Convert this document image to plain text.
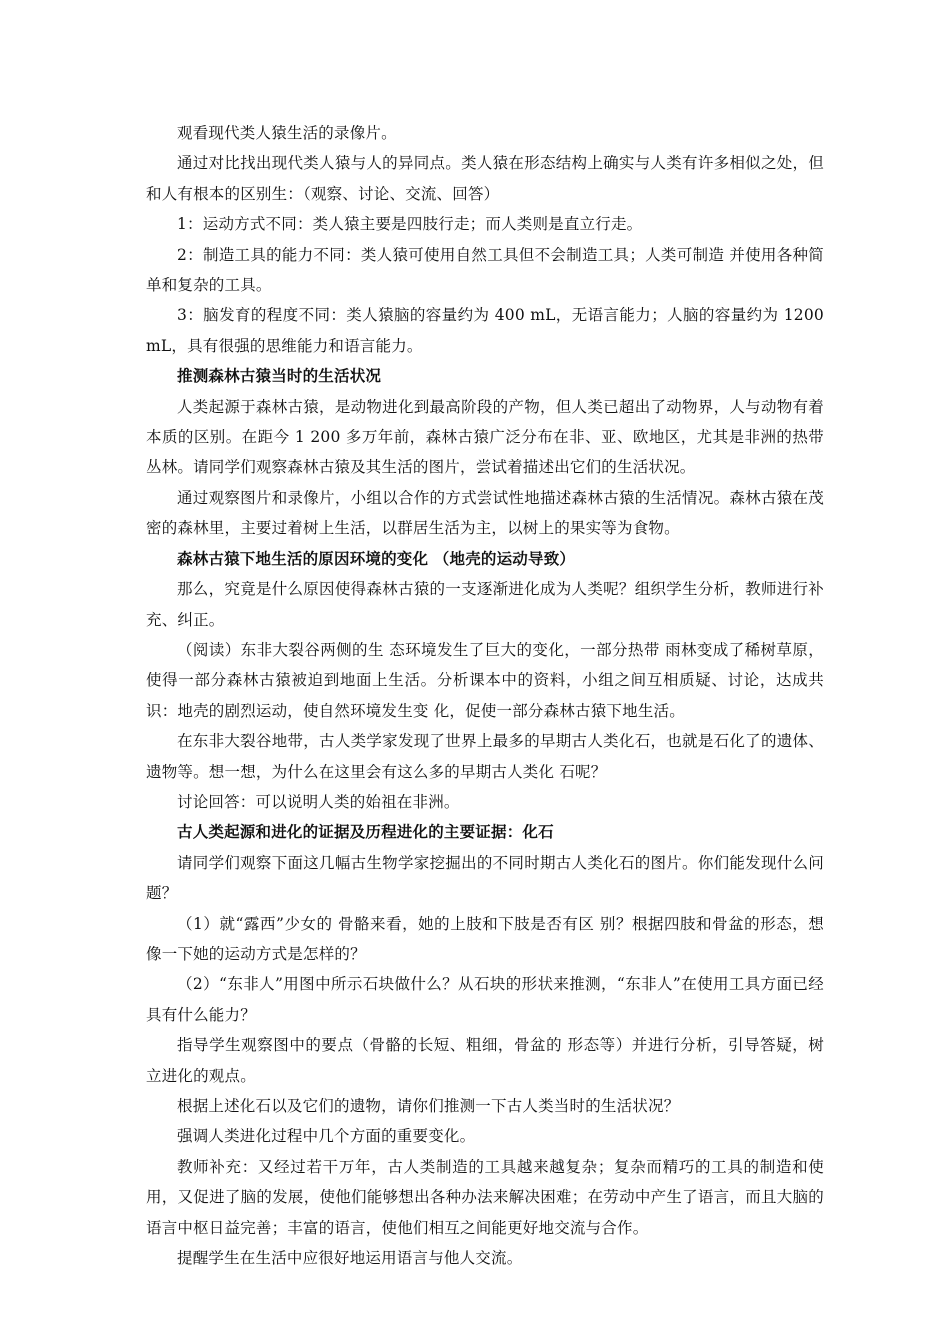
观看现代类人猿生活的录像片。

通过对比找出现代类人猿与人的异同点。类人猿在形态结构上确实与人类有许多相似之处，但和人有根本的区别生：（观察、讨论、交流、回答）

1：运动方式不同：类人猿主要是四肢行走；而人类则是直立行走。

2：制造工具的能力不同：类人猿可使用自然工具但不会制造工具；人类可制造 并使用各种简单和复杂的工具。

3：脑发育的程度不同：类人猿脑的容量约为 400 mL，无语言能力；人脑的容量约为 1200 mL，具有很强的思维能力和语言能力。

推测森林古猿当时的生活状况

人类起源于森林古猿，是动物进化到最高阶段的产物，但人类已超出了动物界，人与动物有着本质的区别。在距今 1 200 多万年前，森林古猿广泛分布在非、亚、欧地区，尤其是非洲的热带丛林。请同学们观察森林古猿及其生活的图片，尝试着描述出它们的生活状况。

通过观察图片和录像片，小组以合作的方式尝试性地描述森林古猿的生活情况。森林古猿在茂密的森林里，主要过着树上生活，以群居生活为主，以树上的果实等为食物。

森林古猿下地生活的原因环境的变化 （地壳的运动导致）

那么，究竟是什么原因使得森林古猿的一支逐渐进化成为人类呢？组织学生分析，教师进行补充、纠正。

（阅读）东非大裂谷两侧的生 态环境发生了巨大的变化，一部分热带 雨林变成了稀树草原，使得一部分森林古猿被迫到地面上生活。分析课本中的资料，小组之间互相质疑、讨论，达成共识：地壳的剧烈运动，使自然环境发生变 化，促使一部分森林古猿下地生活。

在东非大裂谷地带，古人类学家发现了世界上最多的早期古人类化石，也就是石化了的遗体、遗物等。想一想，为什么在这里会有这么多的早期古人类化 石呢？

讨论回答：可以说明人类的始祖在非洲。

古人类起源和进化的证据及历程进化的主要证据：化石

请同学们观察下面这几幅古生物学家挖掘出的不同时期古人类化石的图片。你们能发现什么问题？

（1）就“露西”少女的 骨骼来看，她的上肢和下肢是否有区 别？根据四肢和骨盆的形态，想像一下她的运动方式是怎样的？

（2）“东非人”用图中所示石块做什么？从石块的形状来推测，“东非人”在使用工具方面已经具有什么能力？

指导学生观察图中的要点（骨骼的长短、粗细，骨盆的 形态等）并进行分析，引导答疑，树立进化的观点。

根据上述化石以及它们的遗物，请你们推测一下古人类当时的生活状况？

强调人类进化过程中几个方面的重要变化。

教师补充：又经过若干万年，古人类制造的工具越来越复杂；复杂而精巧的工具的制造和使用，又促进了脑的发展，使他们能够想出各种办法来解决困难；在劳动中产生了语言，而且大脑的语言中枢日益完善；丰富的语言，使他们相互之间能更好地交流与合作。

提醒学生在生活中应很好地运用语言与他人交流。
